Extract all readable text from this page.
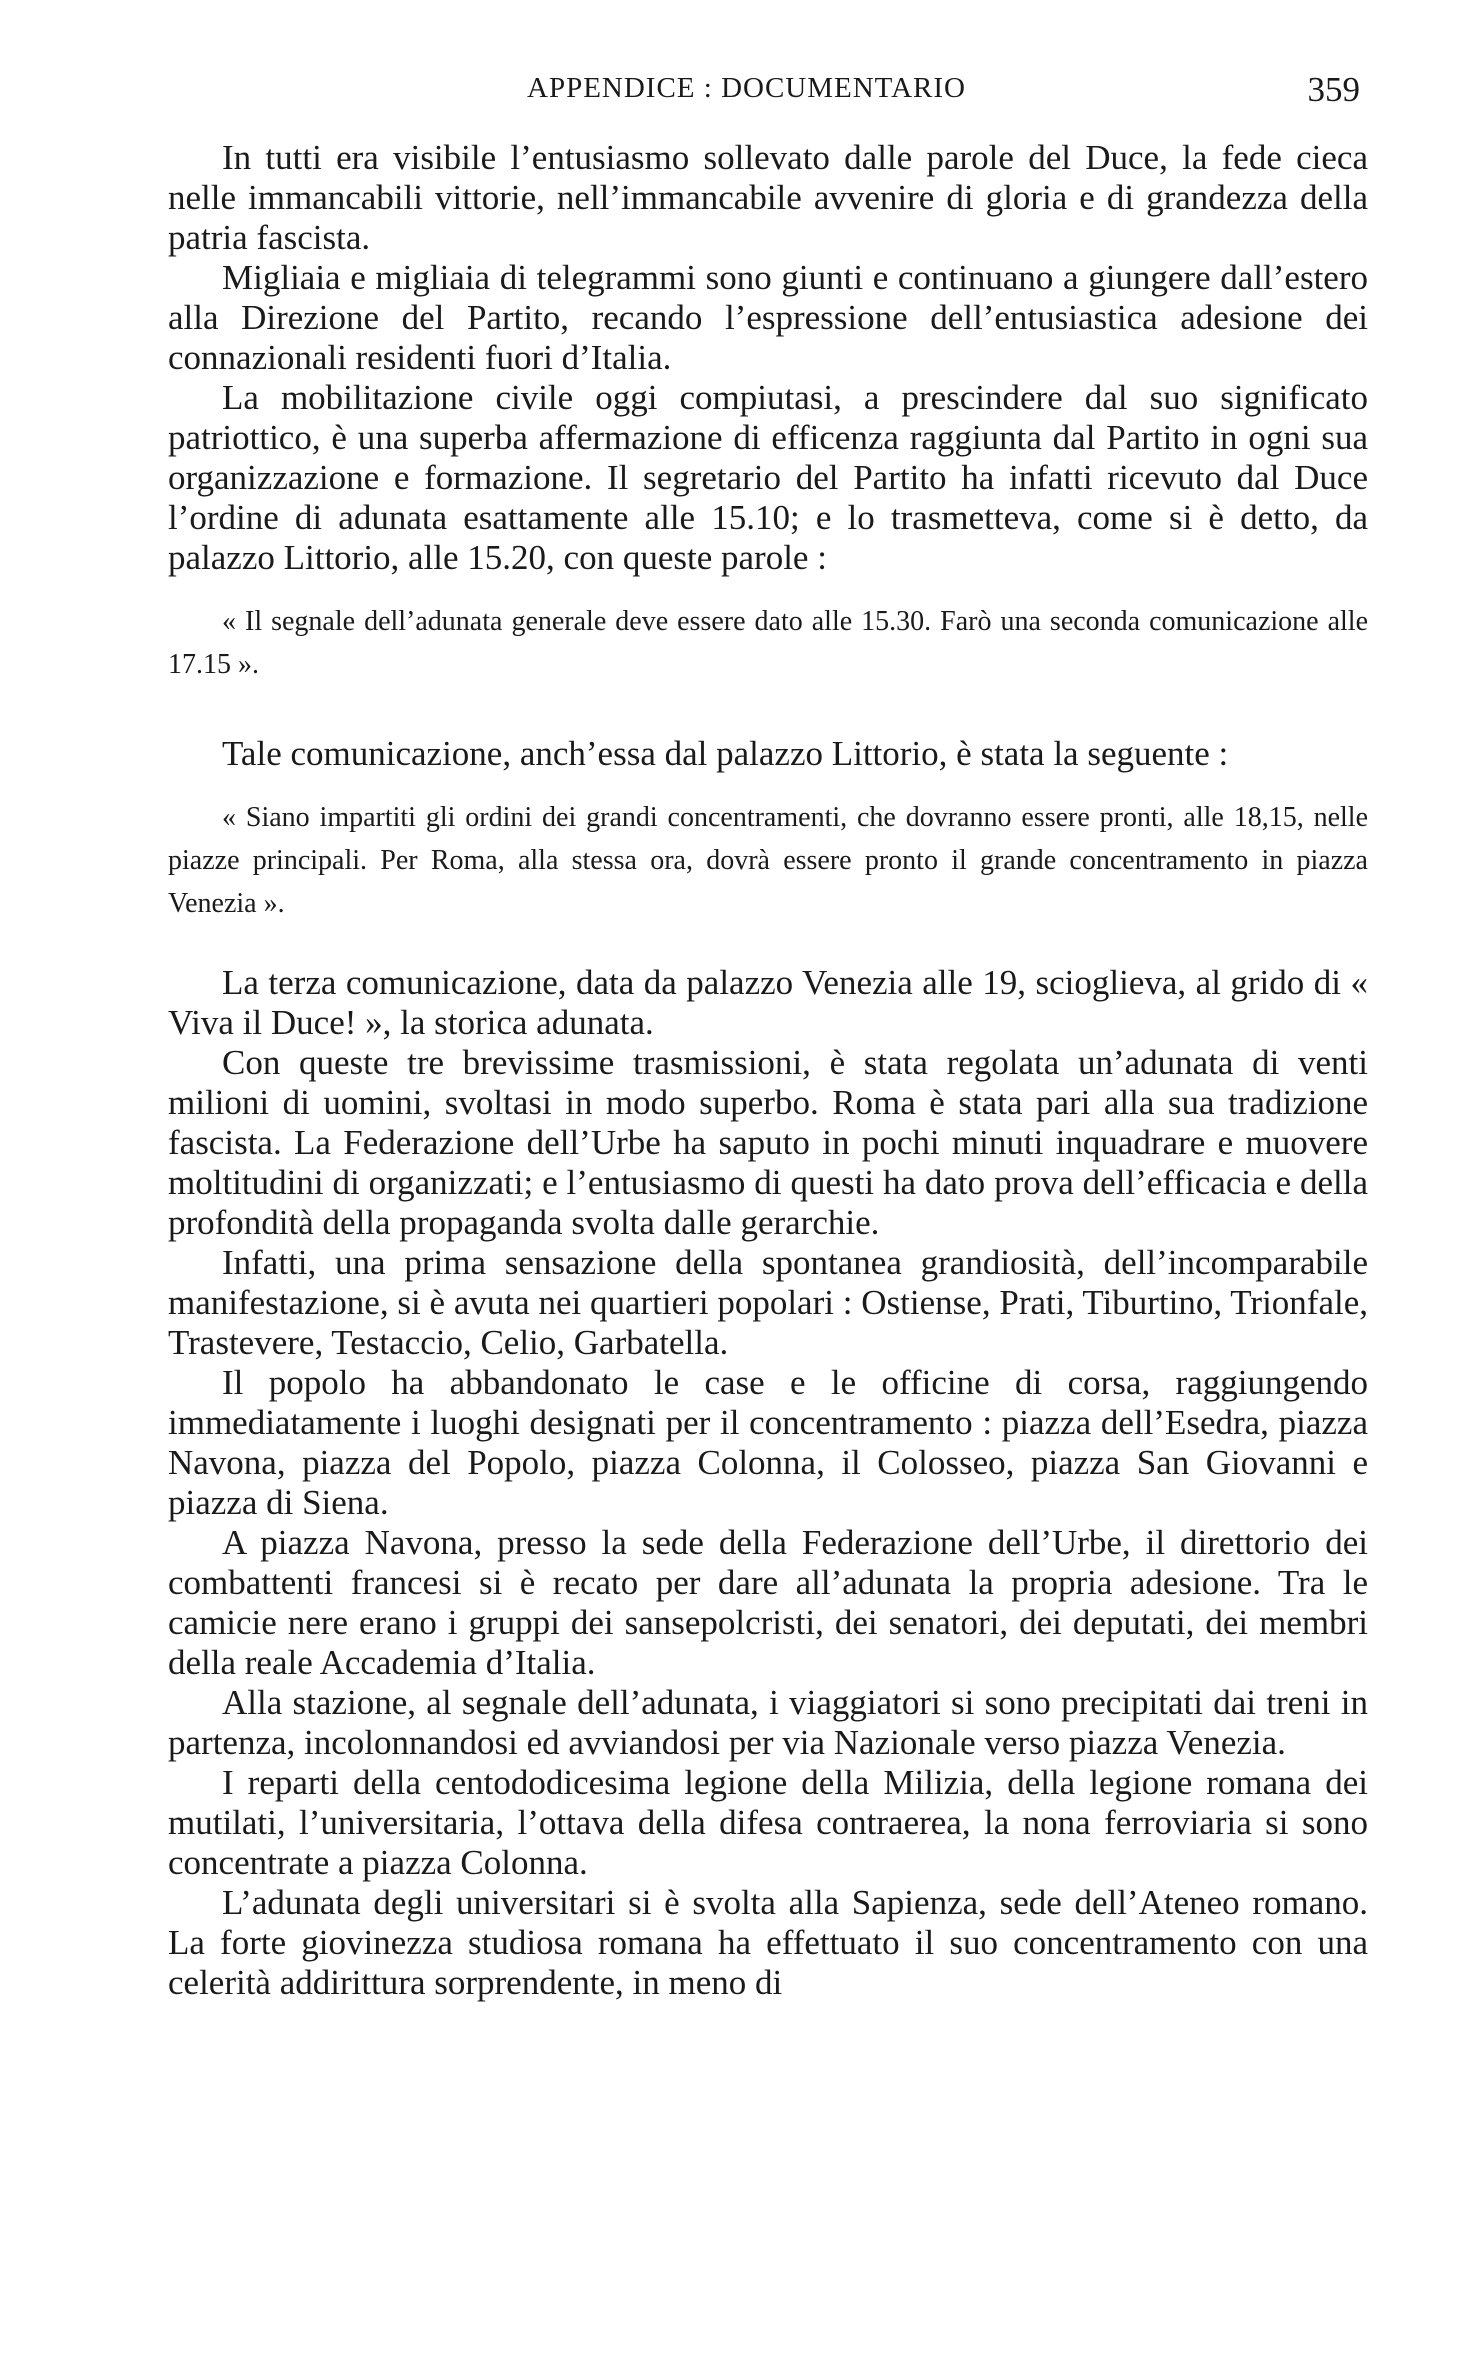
APPENDICE : DOCUMENTARIO	359

In tutti era visibile l’entusiasmo sollevato dalle parole del Duce, la fede cieca nelle immancabili vittorie, nell’immancabile avvenire di gloria e di grandezza della patria fascista.

Migliaia e migliaia di telegrammi sono giunti e continuano a giungere dall’estero alla Direzione del Partito, recando l’espressione dell’entusiastica adesione dei connazionali residenti fuori d’Italia.

La mobilitazione civile oggi compiutasi, a prescindere dal suo significato patriottico, è una superba affermazione di efficenza raggiunta dal Partito in ogni sua organizzazione e formazione. Il segretario del Partito ha infatti ricevuto dal Duce l’ordine di adunata esattamente alle 15.10; e lo trasmetteva, come si è detto, da palazzo Littorio, alle 15.20, con queste parole :

« Il segnale dell’adunata generale deve essere dato alle 15.30. Farò una seconda comunicazione alle 17.15 ».

Tale comunicazione, anch’essa dal palazzo Littorio, è stata la seguente :

« Siano impartiti gli ordini dei grandi concentramenti, che dovranno essere pronti, alle 18,15, nelle piazze principali. Per Roma, alla stessa ora, dovrà essere pronto il grande concentramento in piazza Venezia ».

La terza comunicazione, data da palazzo Venezia alle 19, scioglieva, al grido di « Viva il Duce! », la storica adunata.

Con queste tre brevissime trasmissioni, è stata regolata un’adunata di venti milioni di uomini, svoltasi in modo superbo. Roma è stata pari alla sua tradizione fascista. La Federazione dell’Urbe ha saputo in pochi minuti inquadrare e muovere moltitudini di organizzati; e l’entusiasmo di questi ha dato prova dell’efficacia e della profondità della propaganda svolta dalle gerarchie.

Infatti, una prima sensazione della spontanea grandiosità, dell’incomparabile manifestazione, si è avuta nei quartieri popolari : Ostiense, Prati, Tiburtino, Trionfale, Trastevere, Testaccio, Celio, Garbatella.

Il popolo ha abbandonato le case e le officine di corsa, raggiungendo immediatamente i luoghi designati per il concentramento : piazza dell’Esedra, piazza Navona, piazza del Popolo, piazza Colonna, il Colosseo, piazza San Giovanni e piazza di Siena.

A piazza Navona, presso la sede della Federazione dell’Urbe, il direttorio dei combattenti francesi si è recato per dare all’adunata la propria adesione. Tra le camicie nere erano i gruppi dei sansepolcristi, dei senatori, dei deputati, dei membri della reale Accademia d’Italia.

Alla stazione, al segnale dell’adunata, i viaggiatori si sono precipitati dai treni in partenza, incolonnandosi ed avviandosi per via Nazionale verso piazza Venezia.

I reparti della centododicesima legione della Milizia, della legione romana dei mutilati, l’universitaria, l’ottava della difesa contraerea, la nona ferroviaria si sono concentrate a piazza Colonna.

L’adunata degli universitari si è svolta alla Sapienza, sede dell’Ateneo romano. La forte giovinezza studiosa romana ha effettuato il suo concentramento con una celerità addirittura sorprendente, in meno di
